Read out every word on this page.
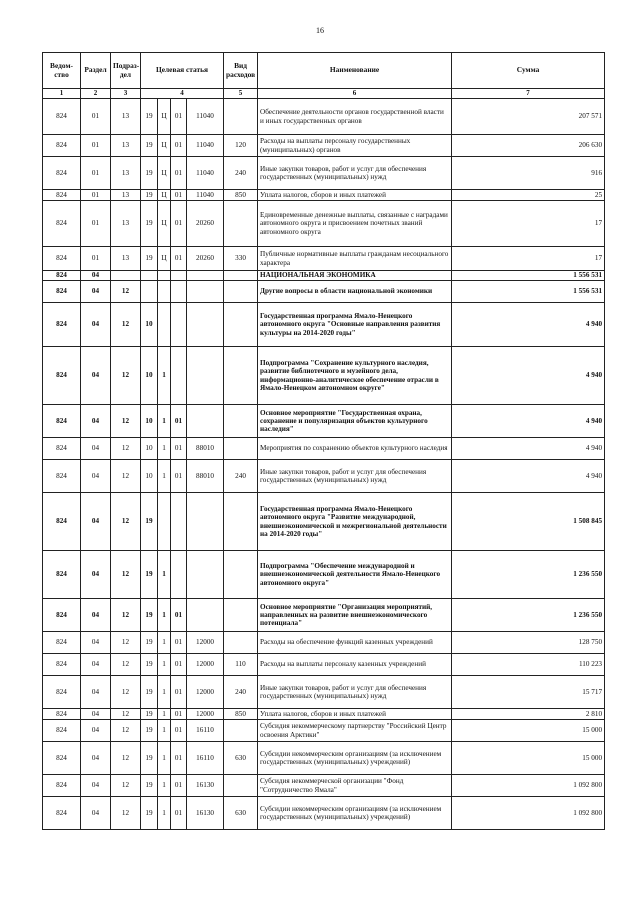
16
Ведом-ство	Раздел	Подраз-дел	Целевая статья				Вид расходов	Наименование	Сумма
1	2	3	4				5	6	7
824	01	13	19	Ц	01	11040		Обеспечение деятельности органов государственной власти и иных государственных органов	207 571
824	01	13	19	Ц	01	11040	120	Расходы на выплаты персоналу государственных (муниципальных) органов	206 630
824	01	13	19	Ц	01	11040	240	Иные закупки товаров, работ и услуг для обеспечения государственных (муниципальных) нужд	916
824	01	13	19	Ц	01	11040	850	Уплата налогов, сборов и иных платежей	25
824	01	13	19	Ц	01	20260		Единовременные денежные выплаты, связанные с наградами автономного округа и присвоением почетных званий автономного округа	17
824	01	13	19	Ц	01	20260	330	Публичные нормативные выплаты гражданам несоциального характера	17
824	04							НАЦИОНАЛЬНАЯ ЭКОНОМИКА	1 556 531
824	04	12						Другие вопросы в области национальной экономики	1 556 531
824	04	12	10					Государственная программа Ямало-Ненецкого автономного округа "Основные направления развития культуры на 2014-2020 годы"	4 940
824	04	12	10	1				Подпрограмма "Сохранение культурного наследия, развитие библиотечного и музейного дела, информационно-аналитическое обеспечение отрасли в Ямало-Ненецком автономном округе"	4 940
824	04	12	10	1	01			Основное мероприятие "Государственная охрана, сохранение и популяризация объектов культурного наследия"	4 940
824	04	12	10	1	01	88010		Мероприятия по сохранению объектов культурного наследия	4 940
824	04	12	10	1	01	88010	240	Иные закупки товаров, работ и услуг для обеспечения государственных (муниципальных) нужд	4 940
824	04	12	19					Государственная программа Ямало-Ненецкого автономного округа "Развитие международной, внешнеэкономической и межрегиональной деятельности на 2014-2020 годы"	1 508 845
824	04	12	19	1				Подпрограмма "Обеспечение международной и внешнеэкономической деятельности Ямало-Ненецкого автономного округа"	1 236 550
824	04	12	19	1	01			Основное мероприятие "Организация мероприятий, направленных на развитие внешнеэкономического потенциала"	1 236 550
824	04	12	19	1	01	12000		Расходы на обеспечение функций казенных учреждений	128 750
824	04	12	19	1	01	12000	110	Расходы на выплаты персоналу казенных учреждений	110 223
824	04	12	19	1	01	12000	240	Иные закупки товаров, работ и услуг для обеспечения государственных (муниципальных) нужд	15 717
824	04	12	19	1	01	12000	850	Уплата налогов, сборов и иных платежей	2 810
824	04	12	19	1	01	16110		Субсидия некоммерческому партнерству "Российский Центр освоения Арктики"	15 000
824	04	12	19	1	01	16110	630	Субсидии некоммерческим организациям (за исключением государственных (муниципальных) учреждений)	15 000
824	04	12	19	1	01	16130		Субсидия некоммерческой организации "Фонд "Сотрудничество Ямала"	1 092 800
824	04	12	19	1	01	16130	630	Субсидии некоммерческим организациям (за исключением государственных (муниципальных) учреждений)	1 092 800
